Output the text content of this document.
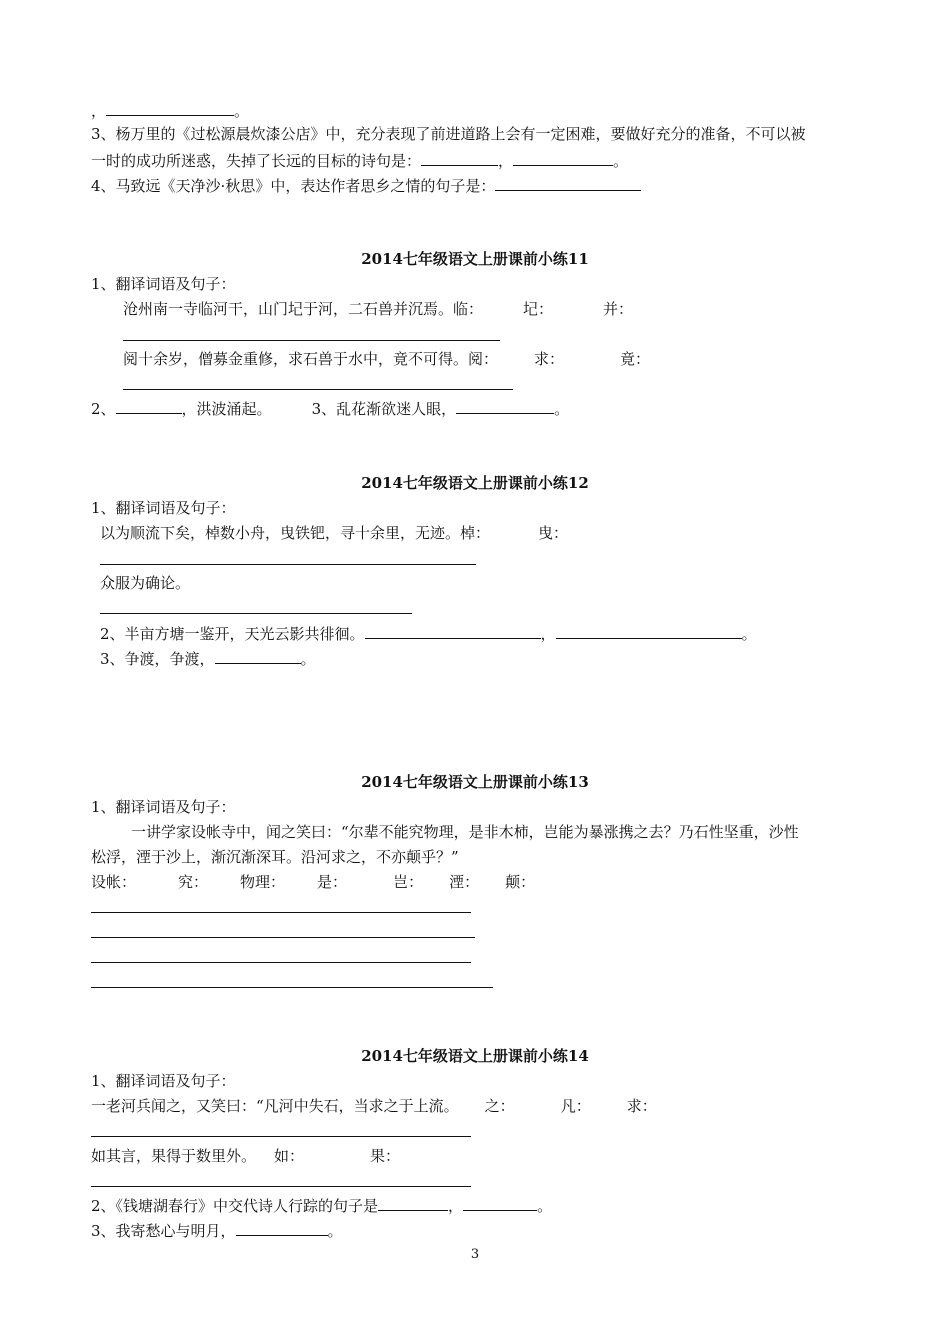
，	。
3、杨万里的《过松源晨炊漆公店》中，充分表现了前进道路上会有一定困难，要做好充分的准备，不可以被
一时的成功所迷惑，失掉了长远的目标的诗句是：	，	。
4、马致远《天净沙·秋思》中，表达作者思乡之情的句子是：
2014七年级语文上册课前小练11
1、翻译词语及句子：
沧州南一寺临河干，山门圮于河，二石兽并沉焉。临：	圮：	并：
阅十余岁，僧募金重修，求石兽于水中，竟不可得。阅： 求：	竟：
2、	，洪波涌起。	3、乱花渐欲迷人眼，	。
2014七年级语文上册课前小练12
1、翻译词语及句子：
以为顺流下矣，棹数小舟，曳铁钯，寻十余里，无迹。棹：	曳：
众服为确论。
2、半亩方塘一鉴开，天光云影共徘徊。	，	。
3、争渡，争渡，	。
2014七年级语文上册课前小练13
1、翻译词语及句子：
一讲学家设帐寺中，闻之笑曰：“尔辈不能究物理，是非木柿，岂能为暴涨携之去？乃石性坚重，沙性
松浮，湮于沙上，渐沉渐深耳。沿河求之，不亦颠乎？”
设帐：	究： 物理： 是：	岂： 湮： 颠：
2014七年级语文上册课前小练14
1、翻译词语及句子：
一老河兵闻之，又笑曰：“凡河中失石，当求之于上流。 之：	凡： 求：
如其言，果得于数里外。 如：	果：
2、《钱塘湖春行》中交代诗人行踪的句子是	，	。
3、我寄愁心与明月，	。
3
